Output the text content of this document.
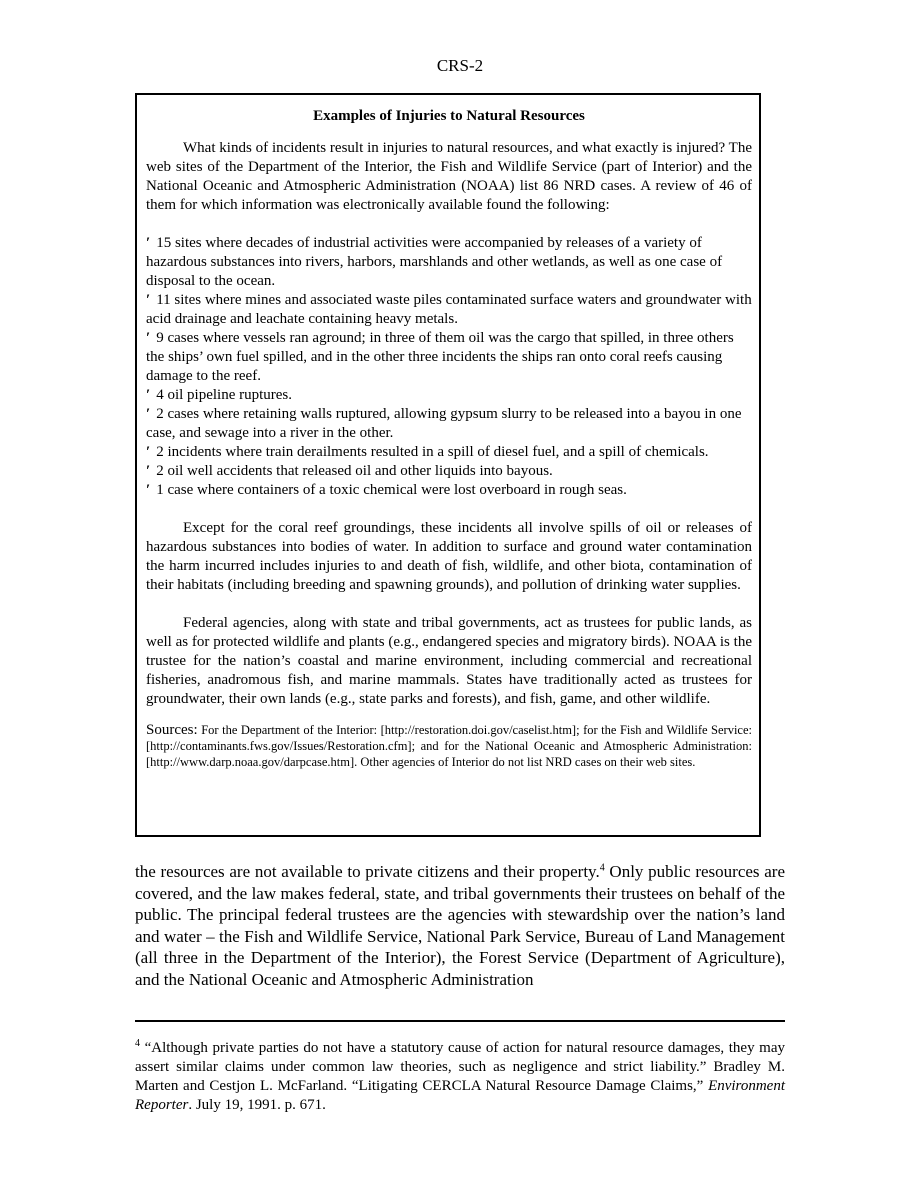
CRS-2
Examples of Injuries to Natural Resources

What kinds of incidents result in injuries to natural resources, and what exactly is injured? The web sites of the Department of the Interior, the Fish and Wildlife Service (part of Interior) and the National Oceanic and Atmospheric Administration (NOAA) list 86 NRD cases. A review of 46 of them for which information was electronically available found the following:

′ 15 sites where decades of industrial activities were accompanied by releases of a variety of hazardous substances into rivers, harbors, marshlands and other wetlands, as well as one case of disposal to the ocean.
′ 11 sites where mines and associated waste piles contaminated surface waters and groundwater with acid drainage and leachate containing heavy metals.
′ 9 cases where vessels ran aground; in three of them oil was the cargo that spilled, in three others the ships’ own fuel spilled, and in the other three incidents the ships ran onto coral reefs causing damage to the reef.
′ 4 oil pipeline ruptures.
′ 2 cases where retaining walls ruptured, allowing gypsum slurry to be released into a bayou in one case, and sewage into a river in the other.
′ 2 incidents where train derailments resulted in a spill of diesel fuel, and a spill of chemicals.
′ 2 oil well accidents that released oil and other liquids into bayous.
′ 1 case where containers of a toxic chemical were lost overboard in rough seas.

Except for the coral reef groundings, these incidents all involve spills of oil or releases of hazardous substances into bodies of water. In addition to surface and ground water contamination the harm incurred includes injuries to and death of fish, wildlife, and other biota, contamination of their habitats (including breeding and spawning grounds), and pollution of drinking water supplies.

Federal agencies, along with state and tribal governments, act as trustees for public lands, as well as for protected wildlife and plants (e.g., endangered species and migratory birds). NOAA is the trustee for the nation’s coastal and marine environment, including commercial and recreational fisheries, anadromous fish, and marine mammals. States have traditionally acted as trustees for groundwater, their own lands (e.g., state parks and forests), and fish, game, and other wildlife.

Sources: For the Department of the Interior: [http://restoration.doi.gov/caselist.htm]; for the Fish and Wildlife Service: [http://contaminants.fws.gov/Issues/Restoration.cfm]; and for the National Oceanic and Atmospheric Administration: [http://www.darp.noaa.gov/darpcase.htm]. Other agencies of Interior do not list NRD cases on their web sites.

the resources are not available to private citizens and their property.$^4$ Only public resources are covered, and the law makes federal, state, and tribal governments their trustees on behalf of the public. The principal federal trustees are the agencies with stewardship over the nation’s land and water – the Fish and Wildlife Service, National Park Service, Bureau of Land Management (all three in the Department of the Interior), the Forest Service (Department of Agriculture), and the National Oceanic and Atmospheric Administration

$^4$ “Although private parties do not have a statutory cause of action for natural resource damages, they may assert similar claims under common law theories, such as negligence and strict liability.” Bradley M. Marten and Cestjon L. McFarland. “Litigating CERCLA Natural Resource Damage Claims,” Environment Reporter. July 19, 1991. p. 671.
